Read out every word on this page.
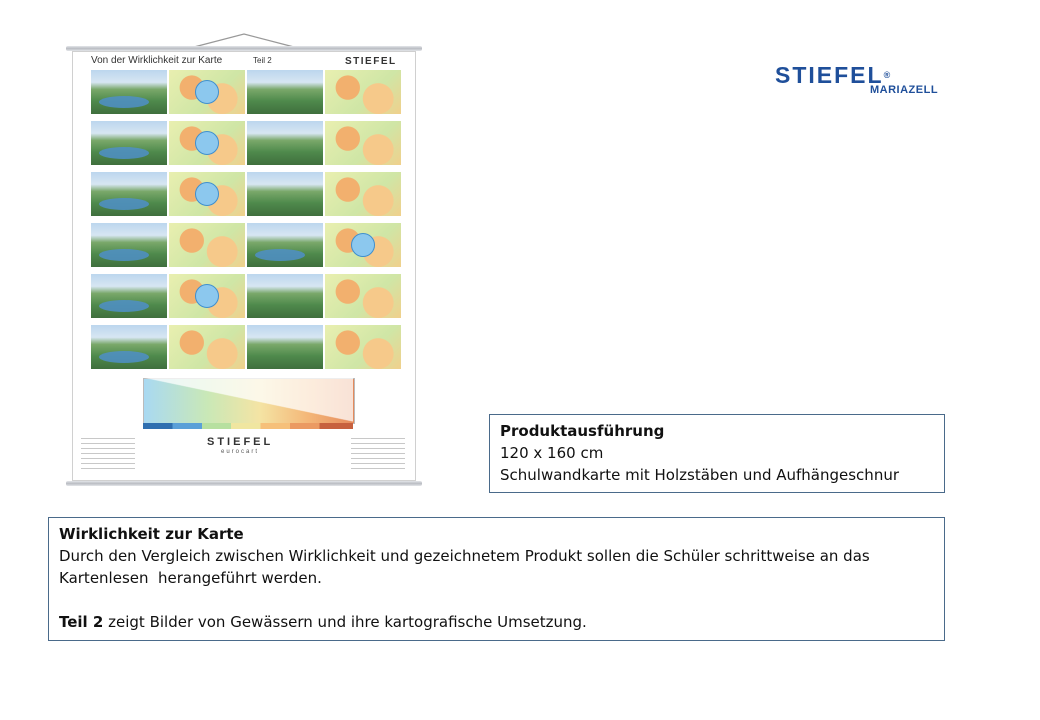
Von der Wirklichkeit zur Karte	Teil 2	STIEFEL
STIEFEL
eurocart
STIEFEL®
MARIAZELL

Produktausführung

120 x 160 cm

Schulwandkarte mit Holzstäben und Aufhängeschnur

Wirklichkeit zur Karte

Durch den Vergleich zwischen Wirklichkeit und gezeichnetem Produkt sollen die Schüler schrittweise an das Kartenlesen  herangeführt werden.

Teil 2 zeigt Bilder von Gewässern und ihre kartografische Umsetzung.
